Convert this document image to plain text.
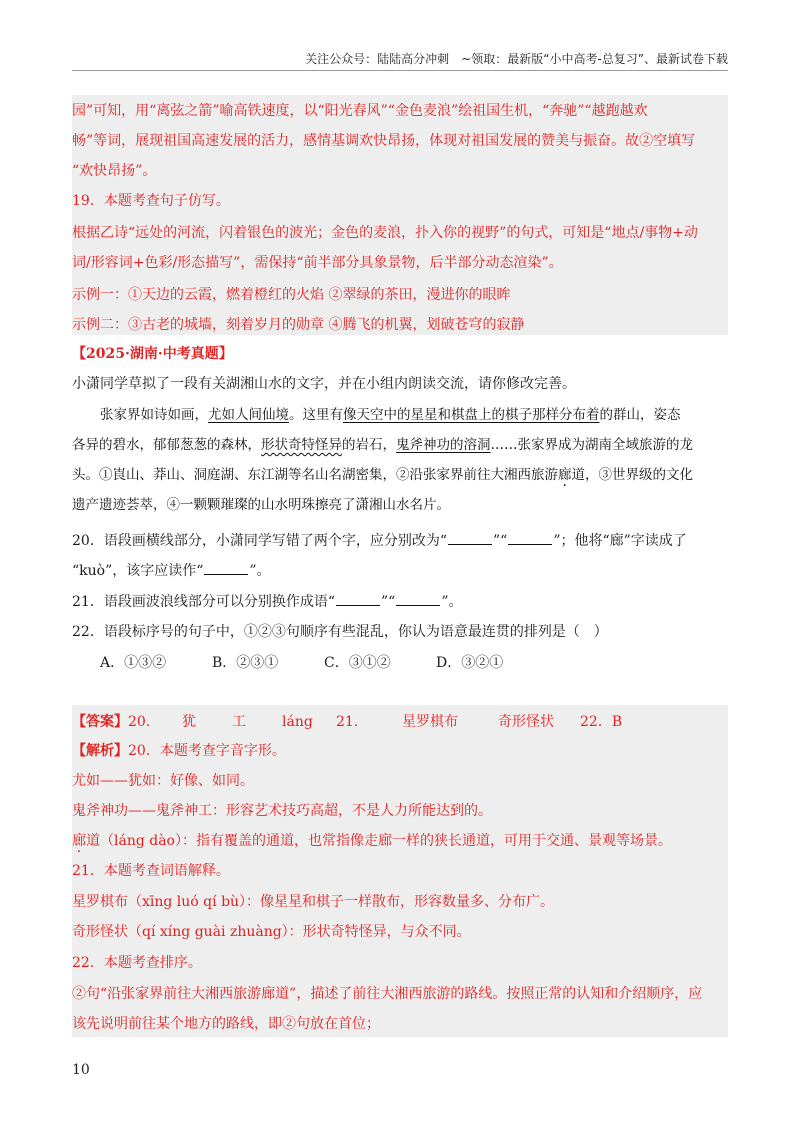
关注公众号：陆陆高分冲刺　~领取：最新版“小中高考-总复习”、最新试卷下载
园”可知，用“离弦之箭”喻高铁速度，以“阳光春风”“金色麦浪”绘祖国生机，“奔驰”“越跑越欢
畅”等词，展现祖国高速发展的活力，感情基调欢快昂扬，体现对祖国发展的赞美与振奋。故②空填写
“欢快昂扬”。
19．本题考查句子仿写。
根据乙诗“远处的河流，闪着银色的波光；金色的麦浪，扑入你的视野”的句式，可知是“地点/事物+动
词/形容词+色彩/形态描写”，需保持“前半部分具象景物，后半部分动态渲染”。
示例一：①天边的云霞，燃着橙红的火焰 ②翠绿的茶田，漫进你的眼眸
示例二：③古老的城墙，刻着岁月的勋章 ④腾飞的机翼，划破苍穹的寂静
【2025·湖南·中考真题】
小潇同学草拟了一段有关湖湘山水的文字，并在小组内朗读交流，请你修改完善。
张家界如诗如画，尤如人间仙境。这里有像天空中的星星和棋盘上的棋子那样分布着的群山，姿态
各异的碧水，郁郁葱葱的森林，形状奇特怪异的岩石，鬼斧神功的溶洞……张家界成为湖南全域旅游的龙
头。①崀山、莽山、洞庭湖、东江湖等名山名湖密集，②沿张家界前往大湘西旅游廊道，③世界级的文化
遗产遗迹荟萃，④一颗颗璀璨的山水明珠擦亮了潇湘山水名片。
20．语段画横线部分，小潇同学写错了两个字，应分别改为“	”“	”；他将“廊”字读成了
“kuò”，该字应读作“	”。
21．语段画波浪线部分可以分别换作成语“	”“	”。
22．语段标序号的句子中，①②③句顺序有些混乱，你认为语意最连贯的排列是（　）
A．①③②	B．②③①	C．③①②	D．③②①
【答案】20. 犹	工	láng 21.	星罗棋布	奇形怪状 22．B
【解析】20．本题考查字音字形。
尤如——犹如：好像、如同。
鬼斧神功——鬼斧神工：形容艺术技巧高超，不是人力所能达到的。
廊道（láng dào）：指有覆盖的通道，也常指像走廊一样的狭长通道，可用于交通、景观等场景。
21．本题考查词语解释。
星罗棋布（xīng luó qí bù）：像星星和棋子一样散布，形容数量多、分布广。
奇形怪状（qí xíng guài zhuàng）：形状奇特怪异，与众不同。
22．本题考查排序。
②句“沿张家界前往大湘西旅游廊道”，描述了前往大湘西旅游的路线。按照正常的认知和介绍顺序，应
该先说明前往某个地方的路线，即②句放在首位；
10
